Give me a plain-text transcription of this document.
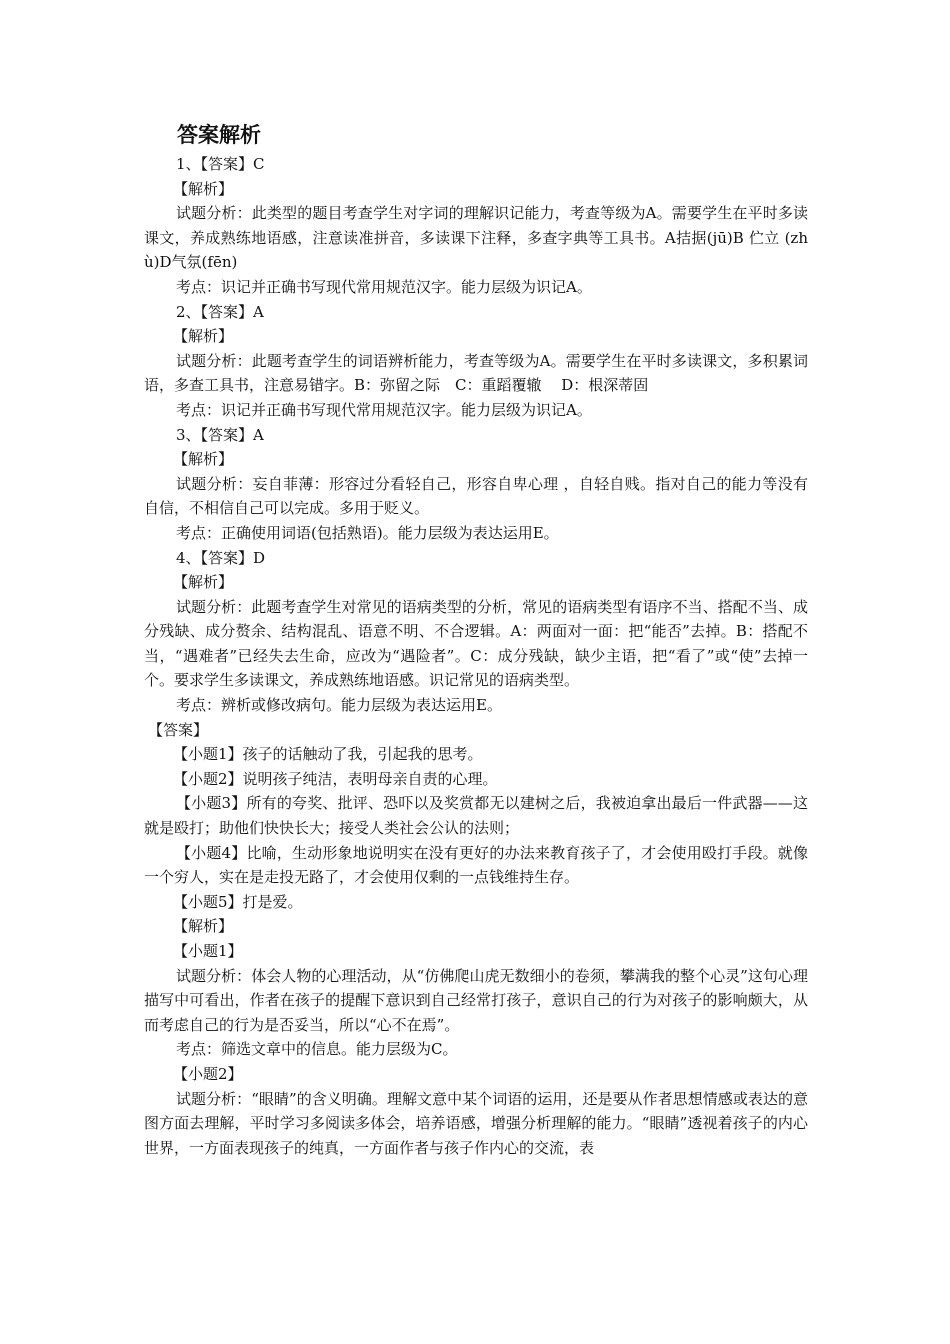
答案解析

1、【答案】C

【解析】

试题分析：此类型的题目考查学生对字词的理解识记能力，考查等级为A。需要学生在平时多读课文，养成熟练地语感，注意读准拼音，多读课下注释，多查字典等工具书。A拮据(jū)B 伫立 (zhù)D气氛(fēn)

考点：识记并正确书写现代常用规范汉字。能力层级为识记A。

2、【答案】A

【解析】

试题分析：此题考查学生的词语辨析能力，考查等级为A。需要学生在平时多读课文，多积累词语，多查工具书，注意易错字。B：弥留之际　C：重蹈覆辙　 D：根深蒂固

考点：识记并正确书写现代常用规范汉字。能力层级为识记A。

3、【答案】A

【解析】

试题分析：妄自菲薄：形容过分看轻自己，形容自卑心理 ，自轻自贱。指对自己的能力等没有自信，不相信自己可以完成。多用于贬义。

考点：正确使用词语(包括熟语)。能力层级为表达运用E。

4、【答案】D

【解析】

试题分析：此题考查学生对常见的语病类型的分析，常见的语病类型有语序不当、搭配不当、成分残缺、成分赘余、结构混乱、语意不明、不合逻辑。A：两面对一面：把“能否”去掉。B：搭配不当，“遇难者”已经失去生命，应改为“遇险者”。C：成分残缺，缺少主语，把“看了”或“使”去掉一个。要求学生多读课文，养成熟练地语感。识记常见的语病类型。

考点：辨析或修改病句。能力层级为表达运用E。

【答案】

【小题1】孩子的话触动了我，引起我的思考。

【小题2】说明孩子纯洁，表明母亲自责的心理。

【小题3】所有的夸奖、批评、恐吓以及奖赏都无以建树之后，我被迫拿出最后一件武器——这就是殴打；助他们快快长大；接受人类社会公认的法则；

【小题4】比喻，生动形象地说明实在没有更好的办法来教育孩子了，才会使用殴打手段。就像一个穷人，实在是走投无路了，才会使用仅剩的一点钱维持生存。

【小题5】打是爱。

【解析】

【小题1】

试题分析：体会人物的心理活动，从“仿佛爬山虎无数细小的卷须，攀满我的整个心灵”这句心理描写中可看出，作者在孩子的提醒下意识到自己经常打孩子，意识自己的行为对孩子的影响颇大，从而考虑自己的行为是否妥当，所以“心不在焉”。

考点：筛选文章中的信息。能力层级为C。

【小题2】

试题分析：“眼睛”的含义明确。理解文意中某个词语的运用，还是要从作者思想情感或表达的意图方面去理解，平时学习多阅读多体会，培养语感，增强分析理解的能力。“眼睛”透视着孩子的内心世界，一方面表现孩子的纯真，一方面作者与孩子作内心的交流，表
